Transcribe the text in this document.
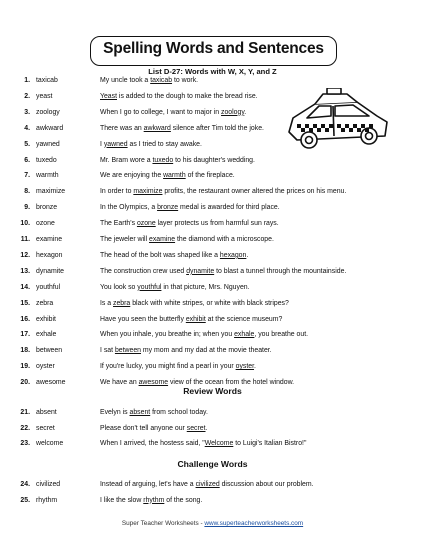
Spelling Words and Sentences
List D-27: Words with W, X, Y, and Z
1. taxicab	My uncle took a taxicab to work.
2. yeast	Yeast is added to the dough to make the bread rise.
3. zoology	When I go to college, I want to major in zoology.
4. awkward	There was an awkward silence after Tim told the joke.
5. yawned	I yawned as I tried to stay awake.
6. tuxedo	Mr. Bram wore a tuxedo to his daughter's wedding.
7. warmth	We are enjoying the warmth of the fireplace.
8. maximize	In order to maximize profits, the restaurant owner altered the prices on his menu.
9. bronze	In the Olympics, a bronze medal is awarded for third place.
10. ozone	The Earth's ozone layer protects us from harmful sun rays.
11. examine	The jeweler will examine the diamond with a microscope.
12. hexagon	The head of the bolt was shaped like a hexagon.
13. dynamite	The construction crew used dynamite to blast a tunnel through the mountainside.
14. youthful	You look so youthful in that picture, Mrs. Nguyen.
15. zebra	Is a zebra black with white stripes, or white with black stripes?
16. exhibit	Have you seen the butterfly exhibit at the science museum?
17. exhale	When you inhale, you breathe in; when you exhale, you breathe out.
18. between	I sat between my mom and my dad at the movie theater.
19. oyster	If you're lucky, you might find a pearl in your oyster.
20. awesome	We have an awesome view of the ocean from the hotel window.
Review Words
21. absent	Evelyn is absent from school today.
22. secret	Please don't tell anyone our secret.
23. welcome	When I arrived, the hostess said, "Welcome to Luigi's Italian Bistro!"
Challenge Words
24. civilized	Instead of arguing, let's have a civilized discussion about our problem.
25. rhythm	I like the slow rhythm of the song.
Super Teacher Worksheets - www.superteacherworksheets.com
